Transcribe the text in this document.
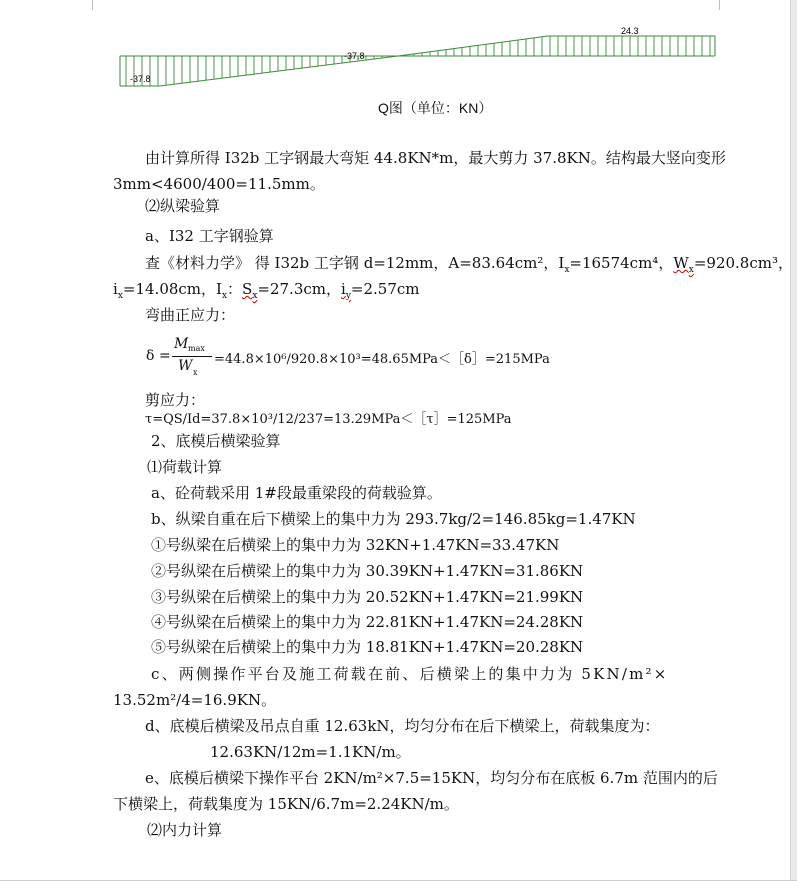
-37.8
-37.8
24.3
Q图（单位：KN）
由计算所得 I32b 工字钢最大弯矩 44.8KN*m，最大剪力 37.8KN。结构最大竖向变形
3mm<4600/400=11.5mm。
⑵纵梁验算
a、I32 工字钢验算
查《材料力学》 得 I32b 工字钢 d=12mm，A=83.64cm²，$I_x=16574cm^4$，$W_x=920.8cm^3$，
$i_x=14.08cm$，$I_x$：$S_x=27.3cm$，$i_y=2.57cm$
弯曲正应力：
δ =
M max
W x
=44.8×10⁶/920.8×10³=48.65MPa＜［δ］=215MPa
剪应力：
τ=QS/Id=37.8×10³/12/237=13.29MPa＜［τ］=125MPa
2、底模后横梁验算
⑴荷载计算
a、砼荷载采用 1#段最重梁段的荷载验算。
b、纵梁自重在后下横梁上的集中力为 293.7kg/2=146.85kg=1.47KN
①号纵梁在后横梁上的集中力为 32KN+1.47KN=33.47KN
②号纵梁在后横梁上的集中力为 30.39KN+1.47KN=31.86KN
③号纵梁在后横梁上的集中力为 20.52KN+1.47KN=21.99KN
④号纵梁在后横梁上的集中力为 22.81KN+1.47KN=24.28KN
⑤号纵梁在后横梁上的集中力为 18.81KN+1.47KN=20.28KN
c、两侧操作平台及施工荷载在前、后横梁上的集中力为 5KN/m²×
13.52m²/4=16.9KN。
d、底模后横梁及吊点自重 12.63kN，均匀分布在后下横梁上，荷载集度为：
12.63KN/12m=1.1KN/m。
e、底模后横梁下操作平台 2KN/m²×7.5=15KN，均匀分布在底板 6.7m 范围内的后
下横梁上，荷载集度为 15KN/6.7m=2.24KN/m。
⑵内力计算
